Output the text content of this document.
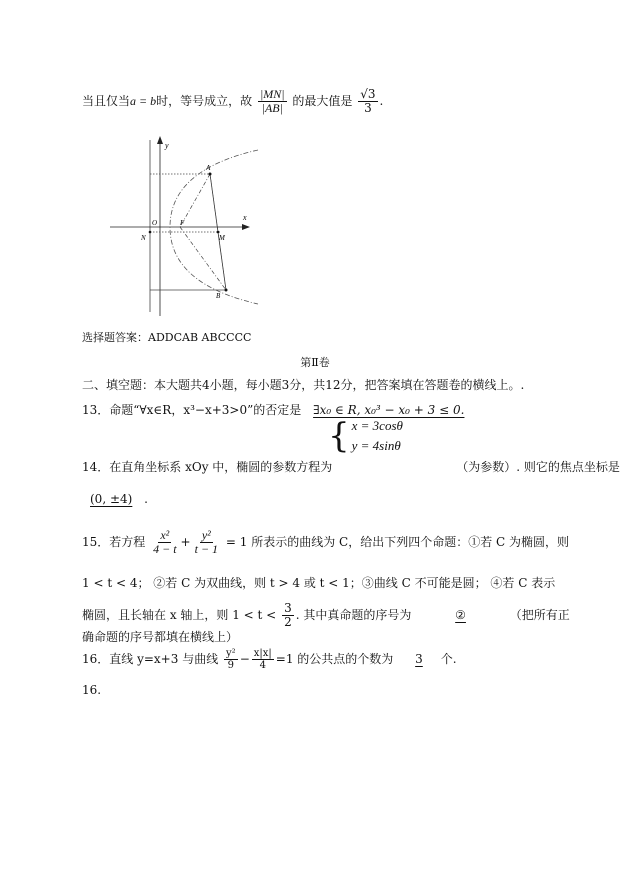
当且仅当a = b时，等号成立，故 $\frac{|MN|}{|AB|}$ 的最大值是 $\frac{√3}{3}$ .
y
x
A
B
M
N
O	F
选择题答案：ADDCAB ABCCCC
第Ⅱ卷
二、填空题：本大题共4小题，每小题3分，共12分，把答案填在答题卷的横线上。.
13．命题“∀x∈R，x³−x+3>0”的否定是 ∃x₀ ∈ R, x₀³ − x₀ + 3 ≤ 0.
{ x = 3cosθ
y = 4sinθ
14．在直角坐标系 xOy 中，椭圆的参数方程为	（为参数）. 则它的焦点坐标是
(0, ±4) .
15．若方程 $\frac{\text{x²}}{4 - t} + \frac{\text{y²}}{t - 1} = 1$ 所表示的曲线为 C，给出下列四个命题：①若 C 为椭圆，则
1 < t < 4； ②若 C 为双曲线，则 t > 4 或 t < 1；③曲线 C 不可能是圆； ④若 C 表示
椭圆，且长轴在 x 轴上，则 $1 < t < \frac{3}{2}$ . 其中真命题的序号为	②	（把所有正
确命题的序号都填在横线上）
16．直线 y=x+3 与曲线 $\frac{\text{y²}}{9} - \frac{x|x|}{4} =1$ 的公共点的个数为 3 个.
16.
